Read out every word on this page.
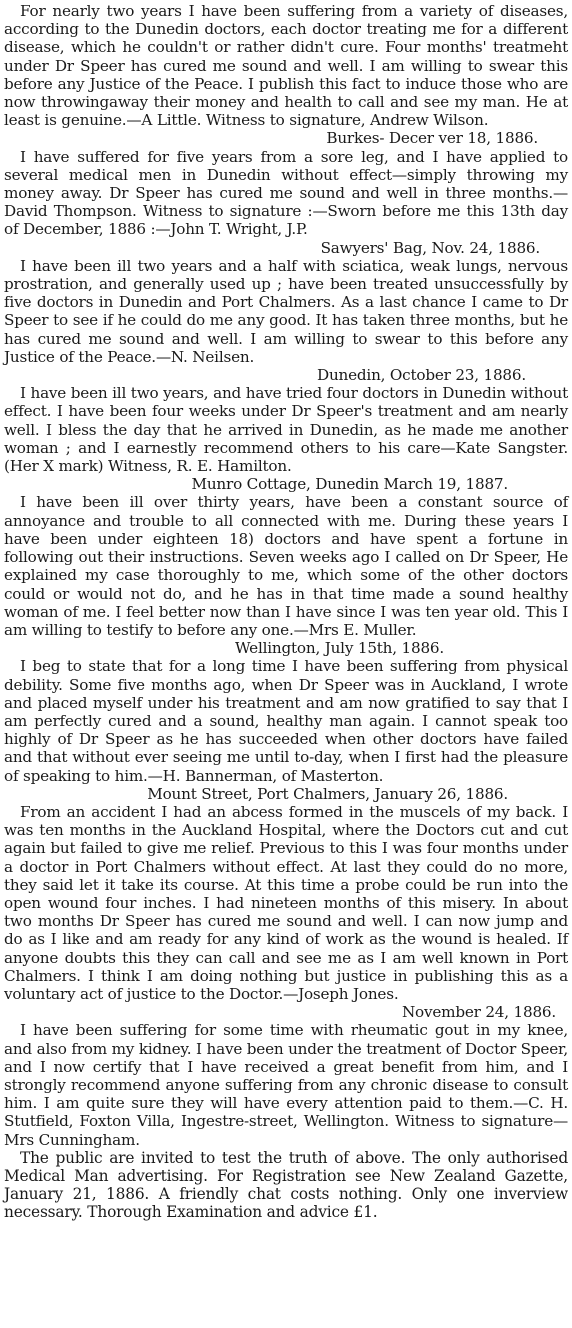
For nearly two years I have been suffering from a variety of diseases, according to the Dunedin doctors, each doctor treating me for a different disease, which he couldn't or rather didn't cure. Four months' treatmeht under Dr Speer has cured me sound and well. I am willing to swear this before any Justice of the Peace. I publish this fact to induce those who are now throwingaway their money and health to call and see my man. He at least is genuine.—A Little. Witness to signature, Andrew Wilson.

Burkes- Decer ver 18, 1886.

I have suffered for five years from a sore leg, and I have applied to several medical men in Dunedin without effect—simply throwing my money away. Dr Speer has cured me sound and well in three months.—David Thompson. Witness to signature :—Sworn before me this 13th day of December, 1886 :—John T. Wright, J.P.

Sawyers' Bag, Nov. 24, 1886.

I have been ill two years and a half with sciatica, weak lungs, nervous prostration, and generally used up ; have been treated unsuccessfully by five doctors in Dunedin and Port Chalmers. As a last chance I came to Dr Speer to see if he could do me any good. It has taken three months, but he has cured me sound and well. I am willing to swear to this before any Justice of the Peace.—N. Neilsen.

Dunedin, October 23, 1886.

I have been ill two years, and have tried four doctors in Dunedin without effect. I have been four weeks under Dr Speer's treatment and am nearly well. I bless the day that he arrived in Dunedin, as he made me another woman ; and I earnestly recommend others to his care—Kate Sangster. (Her X mark) Witness, R. E. Hamilton.

Munro Cottage, Dunedin March 19, 1887.

I have been ill over thirty years, have been a constant source of annoyance and trouble to all connected with me. During these years I have been under eighteen 18) doctors and have spent a fortune in following out their instructions. Seven weeks ago I called on Dr Speer, He explained my case thoroughly to me, which some of the other doctors could or would not do, and he has in that time made a sound healthy woman of me. I feel better now than I have since I was ten year old. This I am willing to testify to before any one.—Mrs E. Muller.

Wellington, July 15th, 1886.

I beg to state that for a long time I have been suffering from physical debility. Some five months ago, when Dr Speer was in Auckland, I wrote and placed myself under his treatment and am now gratified to say that I am perfectly cured and a sound, healthy man again. I cannot speak too highly of Dr Speer as he has succeeded when other doctors have failed and that without ever seeing me until to-day, when I first had the pleasure of speaking to him.—H. Bannerman, of Masterton.

Mount Street, Port Chalmers, January 26, 1886.

From an accident I had an abcess formed in the muscels of my back. I was ten months in the Auckland Hospital, where the Doctors cut and cut again but failed to give me relief. Previous to this I was four months under a doctor in Port Chalmers without effect. At last they could do no more, they said let it take its course. At this time a probe could be run into the open wound four inches. I had nineteen months of this misery. In about two months Dr Speer has cured me sound and well. I can now jump and do as I like and am ready for any kind of work as the wound is healed. If anyone doubts this they can call and see me as I am well known in Port Chalmers. I think I am doing nothing but justice in publishing this as a voluntary act of justice to the Doctor.—Joseph Jones.

November 24, 1886.

I have been suffering for some time with rheumatic gout in my knee, and also from my kidney. I have been under the treatment of Doctor Speer, and I now certify that I have received a great benefit from him, and I strongly recommend anyone suffering from any chronic disease to consult him. I am quite sure they will have every attention paid to them.—C. H. Stutfield, Foxton Villa, Ingestre-street, Wellington. Witness to signature—Mrs Cunningham.

The public are invited to test the truth of above. The only authorised Medical Man advertising. For Registration see New Zealand Gazette, January 21, 1886. A friendly chat costs nothing. Only one inverview necessary. Thorough Examination and advice £1.
